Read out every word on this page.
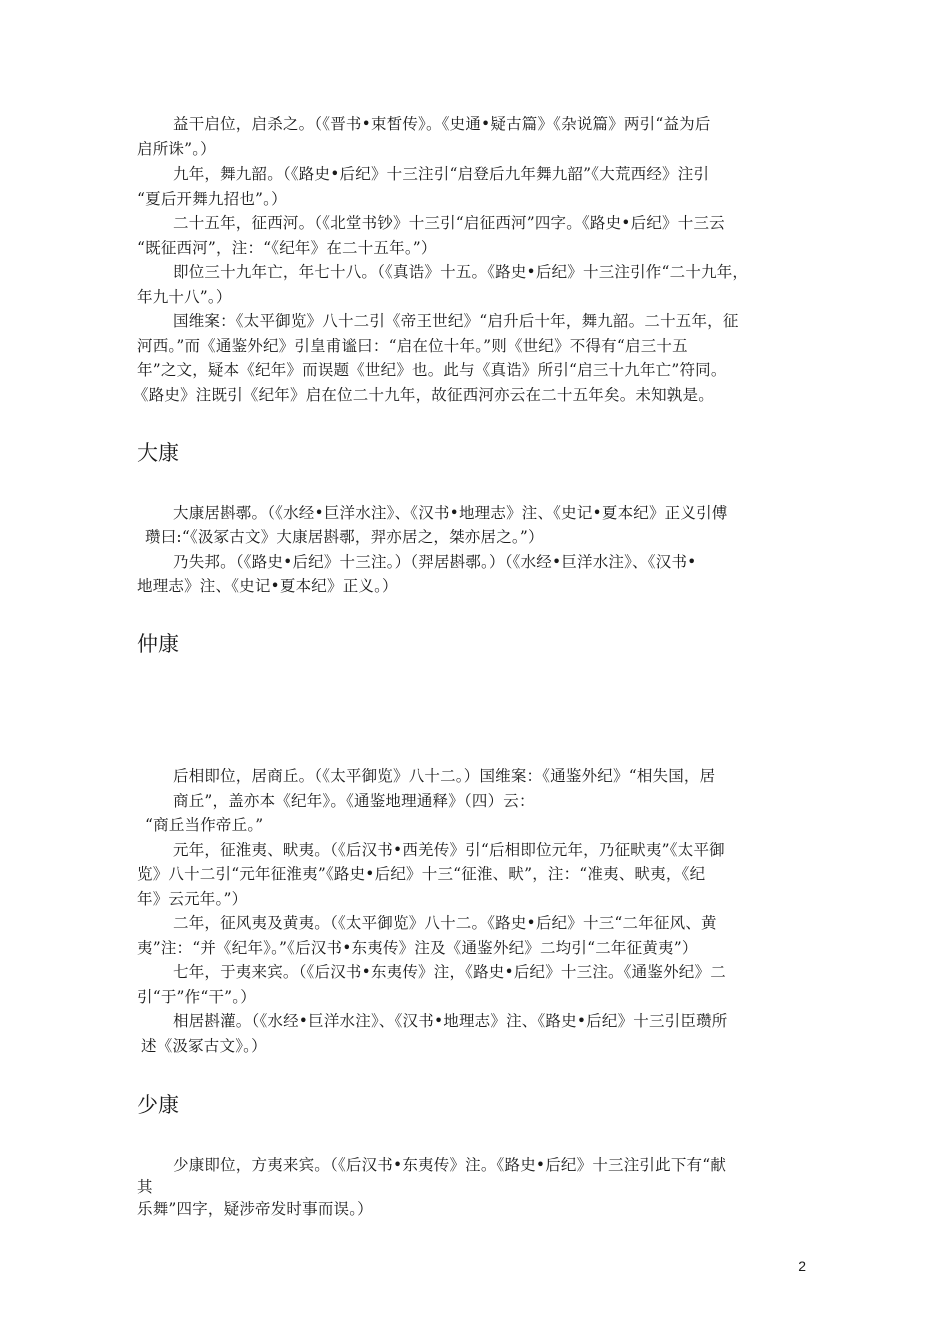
益干启位，启杀之。（《晋书•束皙传》。《史通•疑古篇》《杂说篇》两引“益为后
启所诛”。）
九年，舞九韶。（《路史•后纪》十三注引“启登后九年舞九韶”《大荒西经》注引
“夏后开舞九招也”。）
二十五年，征西河。（《北堂书钞》十三引“启征西河”四字。《路史•后纪》十三云
“既征西河”，注：“《纪年》在二十五年。”）
即位三十九年亡，年七十八。（《真诰》十五。《路史•后纪》十三注引作“二十九年，
年九十八”。）
国维案：《太平御览》八十二引《帝王世纪》“启升后十年，舞九韶。二十五年，征
河西。”而《通鉴外纪》引皇甫谧曰：“启在位十年。”则《世纪》不得有“启三十五
年”之文，疑本《纪年》而误题《世纪》也。此与《真诰》所引“启三十九年亡”符同。
《路史》注既引《纪年》启在位二十九年，故征西河亦云在二十五年矣。未知孰是。
大康
大康居斟鄩。（《水经•巨洋水注》、《汉书•地理志》注、《史记•夏本纪》正义引傅
瓒曰:“《汲冢古文》大康居斟鄩，羿亦居之，桀亦居之。”）
乃失邦。（《路史•后纪》十三注。）（羿居斟鄩。）（《水经•巨洋水注》、《汉书•
地理志》注、《史记•夏本纪》正义。）
仲康
后相即位，居商丘。（《太平御览》八十二。）国维案：《通鉴外纪》“相失国，居
商丘”，盖亦本《纪年》。《通鉴地理通释》（四）云：
“商丘当作帝丘。”
元年，征淮夷、畎夷。（《后汉书•西羌传》引“后相即位元年，乃征畎夷”《太平御
览》八十二引“元年征淮夷”《路史•后纪》十三“征淮、畎”，注：“准夷、畎夷，《纪
年》云元年。”）
二年，征风夷及黄夷。（《太平御览》八十二。《路史•后纪》十三“二年征风、黄
夷”注：“并《纪年》。”《后汉书•东夷传》注及《通鉴外纪》二均引“二年征黄夷”）
七年，于夷来宾。（《后汉书•东夷传》注，《路史•后纪》十三注。《通鉴外纪》二
引“于”作“干”。）
相居斟灌。（《水经•巨洋水注》、《汉书•地理志》注、《路史•后纪》十三引臣瓒所
述《汲冢古文》。）
少康
少康即位，方夷来宾。（《后汉书•东夷传》注。《路史•后纪》十三注引此下有“献
其
乐舞”四字，疑涉帝发时事而误。）
2
